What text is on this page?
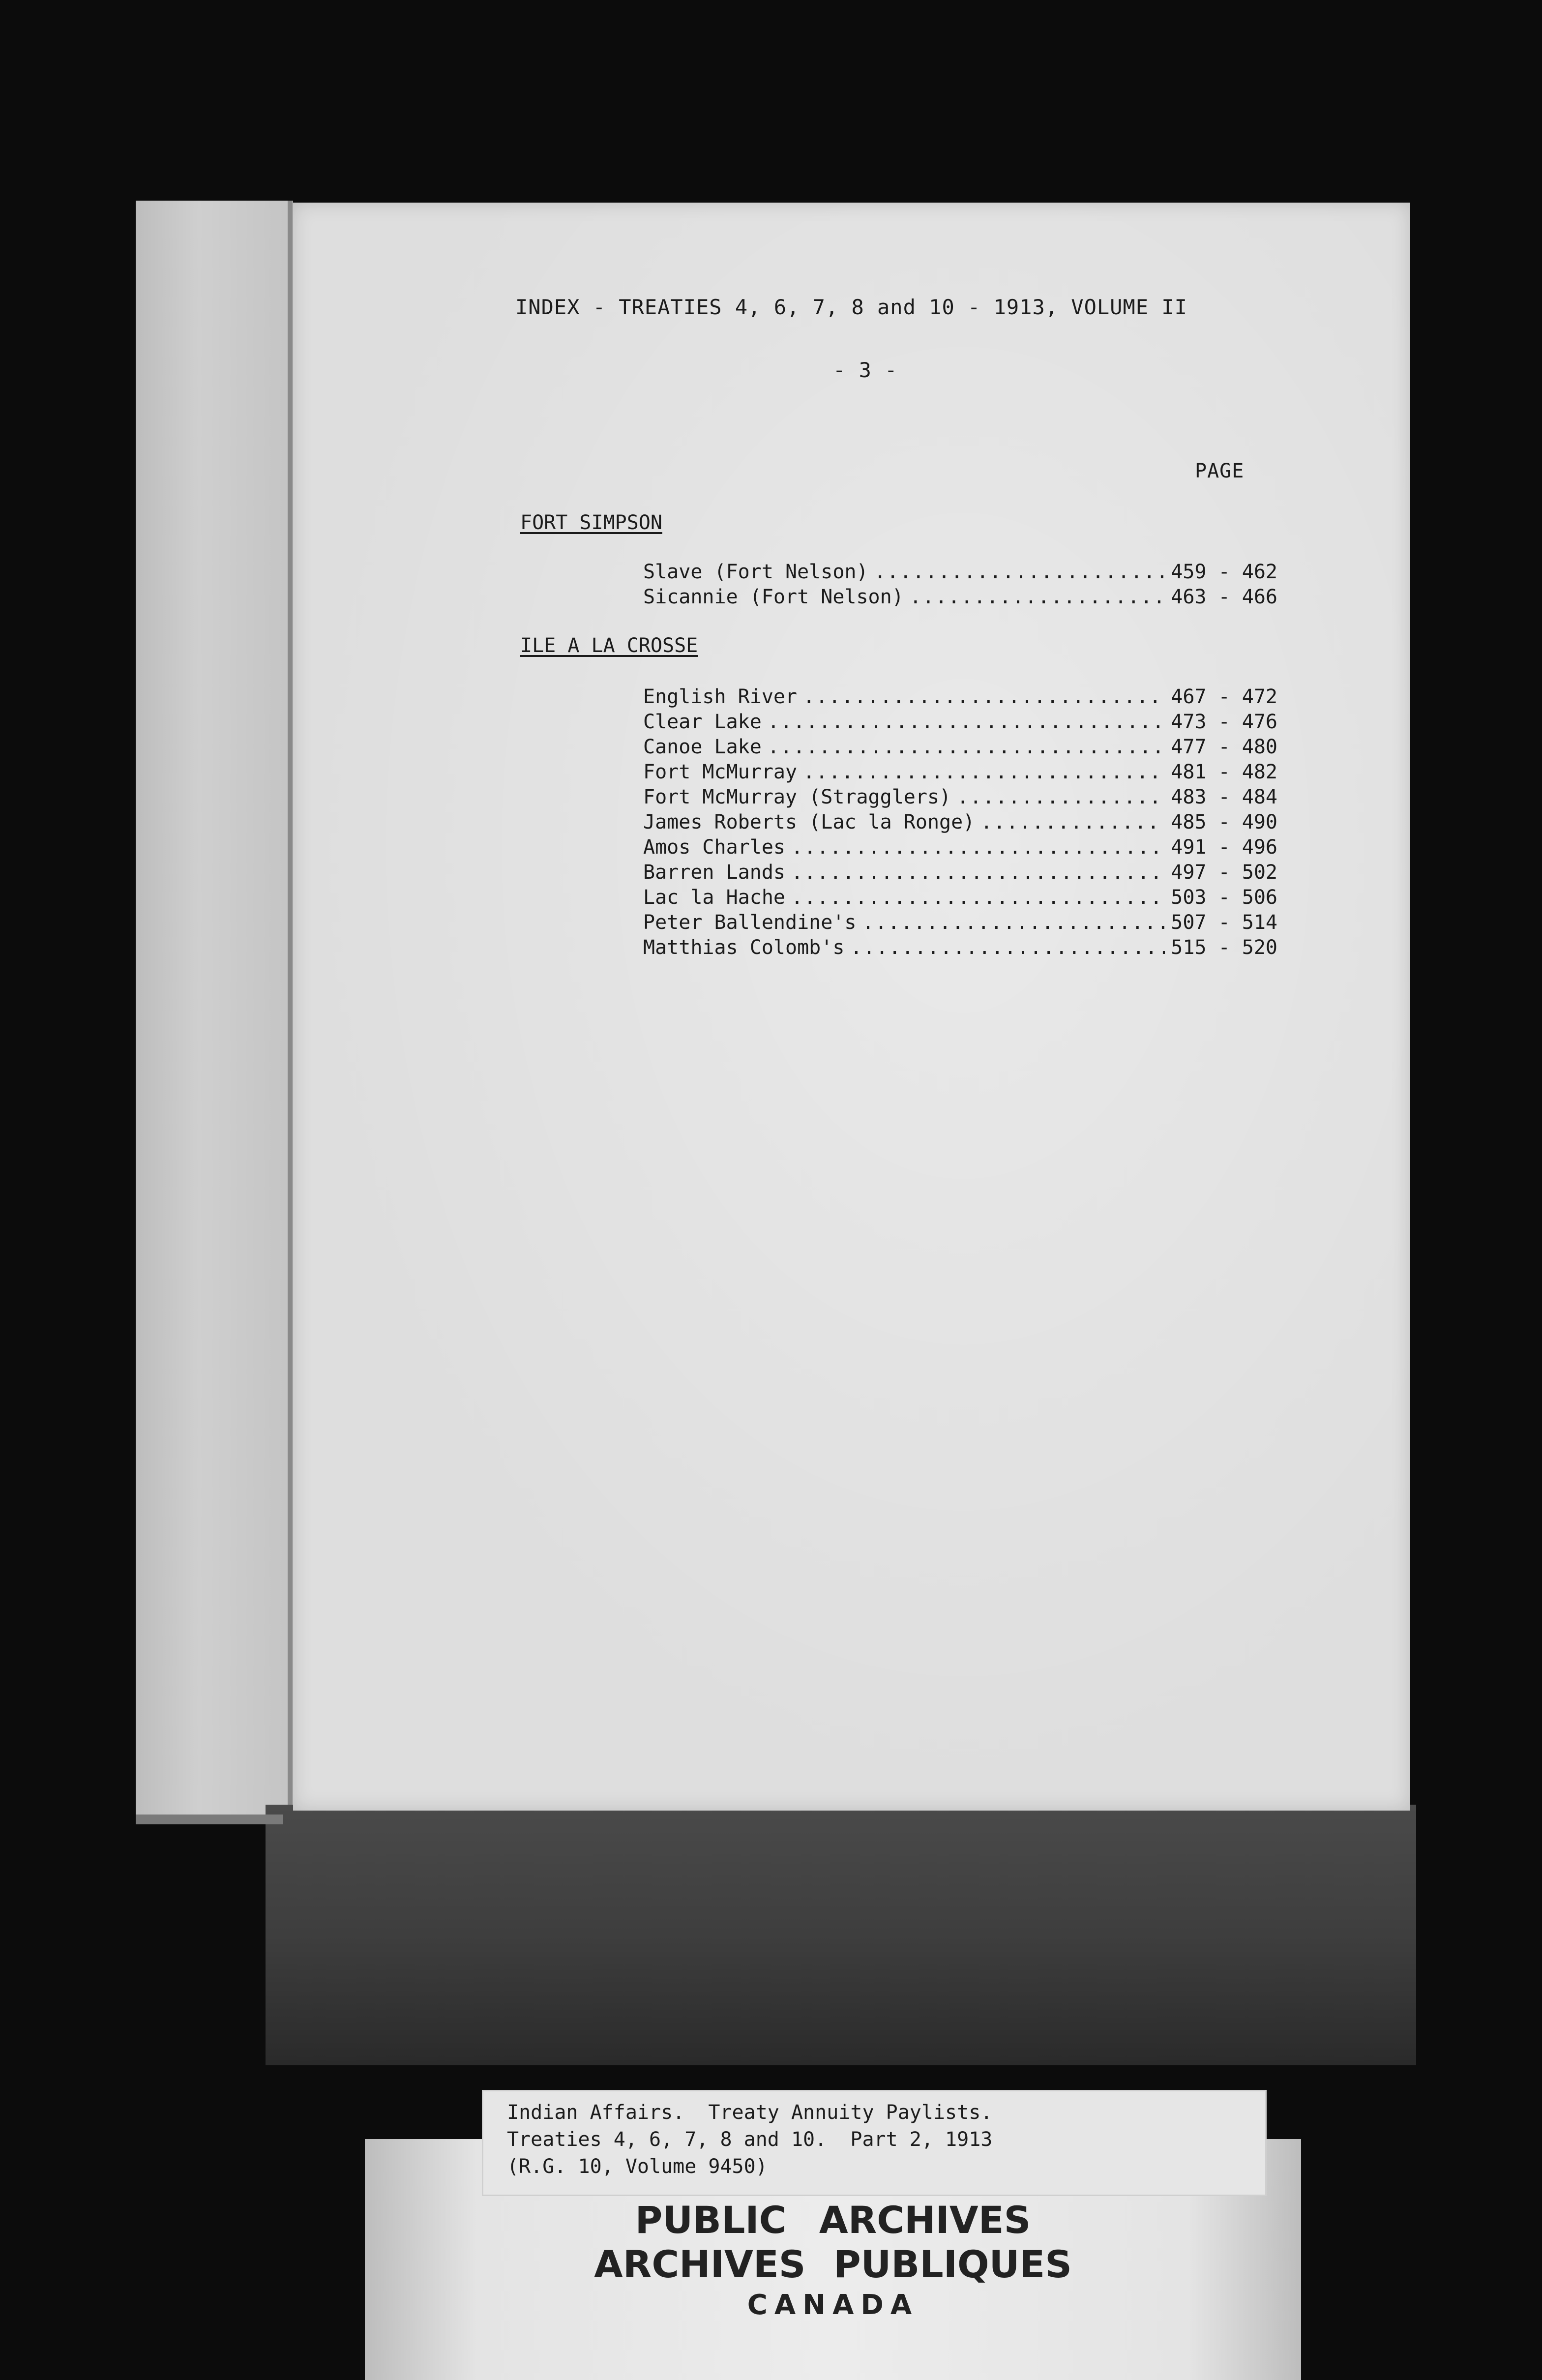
INDEX - TREATIES 4, 6, 7, 8 and 10 - 1913, VOLUME II
- 3 -
PAGE
FORT SIMPSON
Slave (Fort Nelson) .....	459 - 462
Sicannie (Fort Nelson) .....	463 - 466
ILE A LA CROSSE
English River .....	467 - 472
Clear Lake .....	473 - 476
Canoe Lake .....	477 - 480
Fort McMurray .....	481 - 482
Fort McMurray (Stragglers) .....	483 - 484
James Roberts (Lac la Ronge) .....	485 - 490
Amos Charles .....	491 - 496
Barren Lands .....	497 - 502
Lac la Hache .....	503 - 506
Peter Ballendine's .....	507 - 514
Matthias Colomb's .....	515 - 520
PUBLIC ARCHIVES
ARCHIVES PUBLIQUES
CANADA
Indian Affairs.  Treaty Annuity Paylists.
Treaties 4, 6, 7, 8 and 10.  Part 2, 1913
(R.G. 10, Volume 9450)
